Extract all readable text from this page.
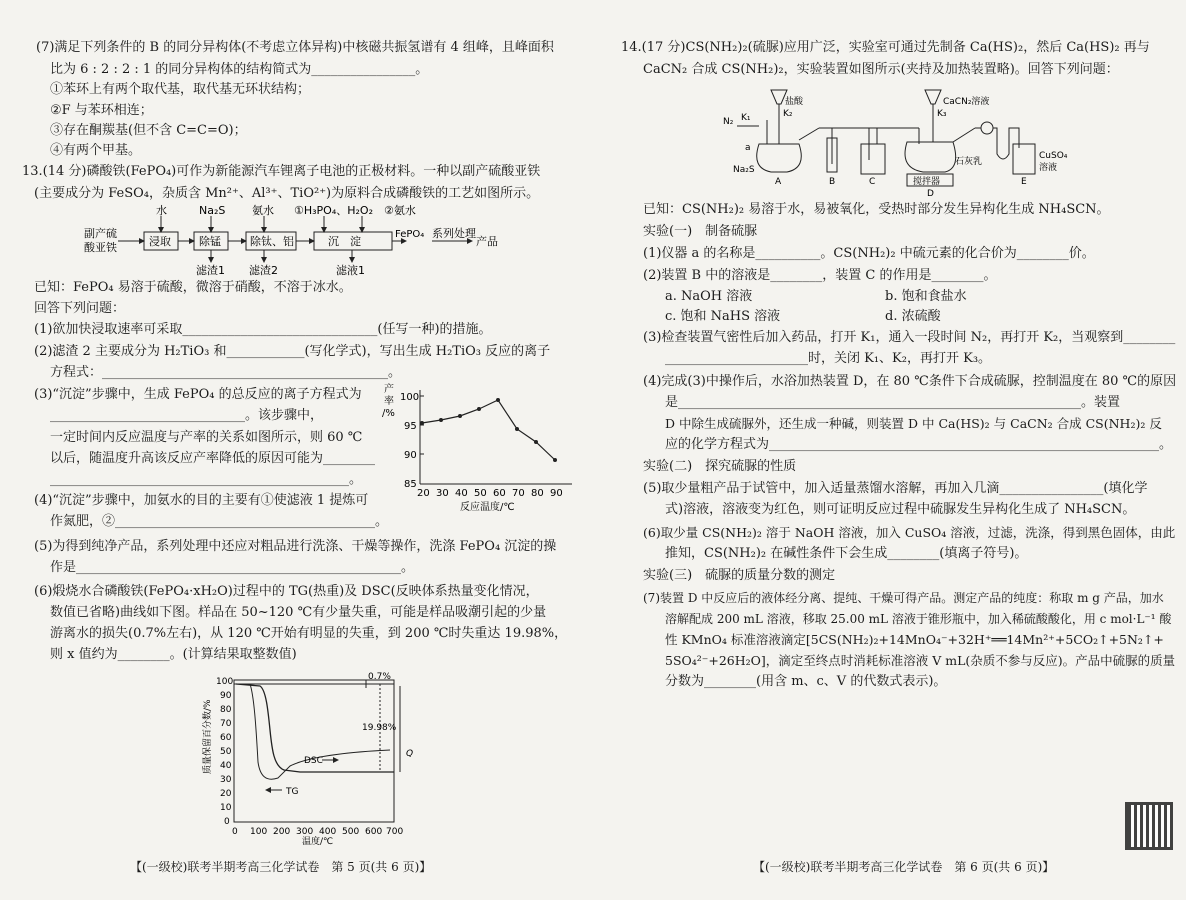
(7)满足下列条件的 B 的同分异构体(不考虑立体异构)中核磁共振氢谱有 4 组峰，且峰面积
比为 6 : 2 : 2 : 1 的同分异构体的结构简式为________________。
①苯环上有两个取代基，取代基无环状结构；
②F 与苯环相连；
③存在酮羰基(但不含 C=C=O)；
④有两个甲基。
13.(14 分)磷酸铁(FePO₄)可作为新能源汽车锂离子电池的正极材料。一种以副产硫酸亚铁
(主要成分为 FeSO₄，杂质含 Mn²⁺、Al³⁺、TiO²⁺)为原料合成磷酸铁的工艺如图所示。
副产硫
酸亚铁	浸取	除锰	除钛、铝	沉　淀
水	Na₂S 氨水 ①H₃PO₄、H₂O₂　②氨水
滤渣1 滤渣2	滤液1
FePO₄ 系列处理
产品
已知：FePO₄ 易溶于硫酸，微溶于硝酸，不溶于冰水。
回答下列问题：
(1)欲加快浸取速率可采取______________________________(任写一种)的措施。
(2)滤渣 2 主要成分为 H₂TiO₃ 和____________(写化学式)，写出生成 H₂TiO₃ 反应的离子
方程式：____________________________________________。
(3)“沉淀”步骤中，生成 FePO₄ 的总反应的离子方程式为
______________________________。该步骤中，
一定时间内反应温度与产率的关系如图所示，则 60 ℃
以后，随温度升高该反应产率降低的原因可能为________
______________________________________________。
(4)“沉淀”步骤中，加氨水的目的主要有①使滤液 1 提炼可
作氮肥，②________________________________________。
(5)为得到纯净产品，系列处理中还应对粗品进行洗涤、干燥等操作，洗涤 FePO₄ 沉淀的操
作是__________________________________________________。
(6)煅烧水合磷酸铁(FePO₄·xH₂O)过程中的 TG(热重)及 DSC(反映体系热量变化情况，
数值已省略)曲线如下图。样品在 50~120 ℃有少量失重，可能是样品吸潮引起的少量
游离水的损失(0.7%左右)，从 120 ℃开始有明显的失重，到 200 ℃时失重达 19.98%，
则 x 值约为________。(计算结果取整数值)
产
率
/%
100
95
90
85
20 30 40 50 60 70 80 90
反应温度/℃
质量保留百分数/%
100
90
80
70
60
50
40
30
20
10
0
0 100 200 300 400 500 600 700
温度/℃
0.7%
19.98%
DSC
TG
Q
【(一级校)联考半期考高三化学试卷　第 5 页(共 6 页)】
14.(17 分)CS(NH₂)₂(硫脲)应用广泛，实验室可通过先制备 Ca(HS)₂，然后 Ca(HS)₂ 再与
CaCN₂ 合成 CS(NH₂)₂，实验装置如图所示(夹持及加热装置略)。回答下列问题：
N₂ K₁
盐酸
K₂
a
Na₂S
CaCN₂溶液
K₃
石灰乳
搅拌器
CuSO₄
溶液
A	B	C
D
E
已知：CS(NH₂)₂ 易溶于水，易被氧化，受热时部分发生异构化生成 NH₄SCN。
实验(一)　制备硫脲
(1)仪器 a 的名称是__________。CS(NH₂)₂ 中硫元素的化合价为________价。
(2)装置 B 中的溶液是________，装置 C 的作用是________。
a. NaOH 溶液	b. 饱和食盐水
c. 饱和 NaHS 溶液	d. 浓硫酸
(3)检查装置气密性后加入药品，打开 K₁，通入一段时间 N₂，再打开 K₂，当观察到________
______________________时，关闭 K₁、K₂，再打开 K₃。
(4)完成(3)中操作后，水浴加热装置 D，在 80 ℃条件下合成硫脲，控制温度在 80 ℃的原因
是______________________________________________________________。装置
D 中除生成硫脲外，还生成一种碱，则装置 D 中 Ca(HS)₂ 与 CaCN₂ 合成 CS(NH₂)₂ 反
应的化学方程式为____________________________________________________________。
实验(二)　探究硫脲的性质
(5)取少量粗产品于试管中，加入适量蒸馏水溶解，再加入几滴________________(填化学
式)溶液，溶液变为红色，则可证明反应过程中硫脲发生异构化生成了 NH₄SCN。
(6)取少量 CS(NH₂)₂ 溶于 NaOH 溶液，加入 CuSO₄ 溶液，过滤，洗涤，得到黑色固体，由此
推知，CS(NH₂)₂ 在碱性条件下会生成________(填离子符号)。
实验(三)　硫脲的质量分数的测定
(7)装置 D 中反应后的液体经分离、提纯、干燥可得产品。测定产品的纯度：称取 m g 产品，加水
溶解配成 200 mL 溶液，移取 25.00 mL 溶液于锥形瓶中，加入稀硫酸酸化，用 c mol·L⁻¹ 酸
性 KMnO₄ 标准溶液滴定[5CS(NH₂)₂+14MnO₄⁻+32H⁺══14Mn²⁺+5CO₂↑+5N₂↑+
5SO₄²⁻+26H₂O]，滴定至终点时消耗标准溶液 V mL(杂质不参与反应)。产品中硫脲的质量
分数为________(用含 m、c、V 的代数式表示)。
【(一级校)联考半期考高三化学试卷　第 6 页(共 6 页)】
